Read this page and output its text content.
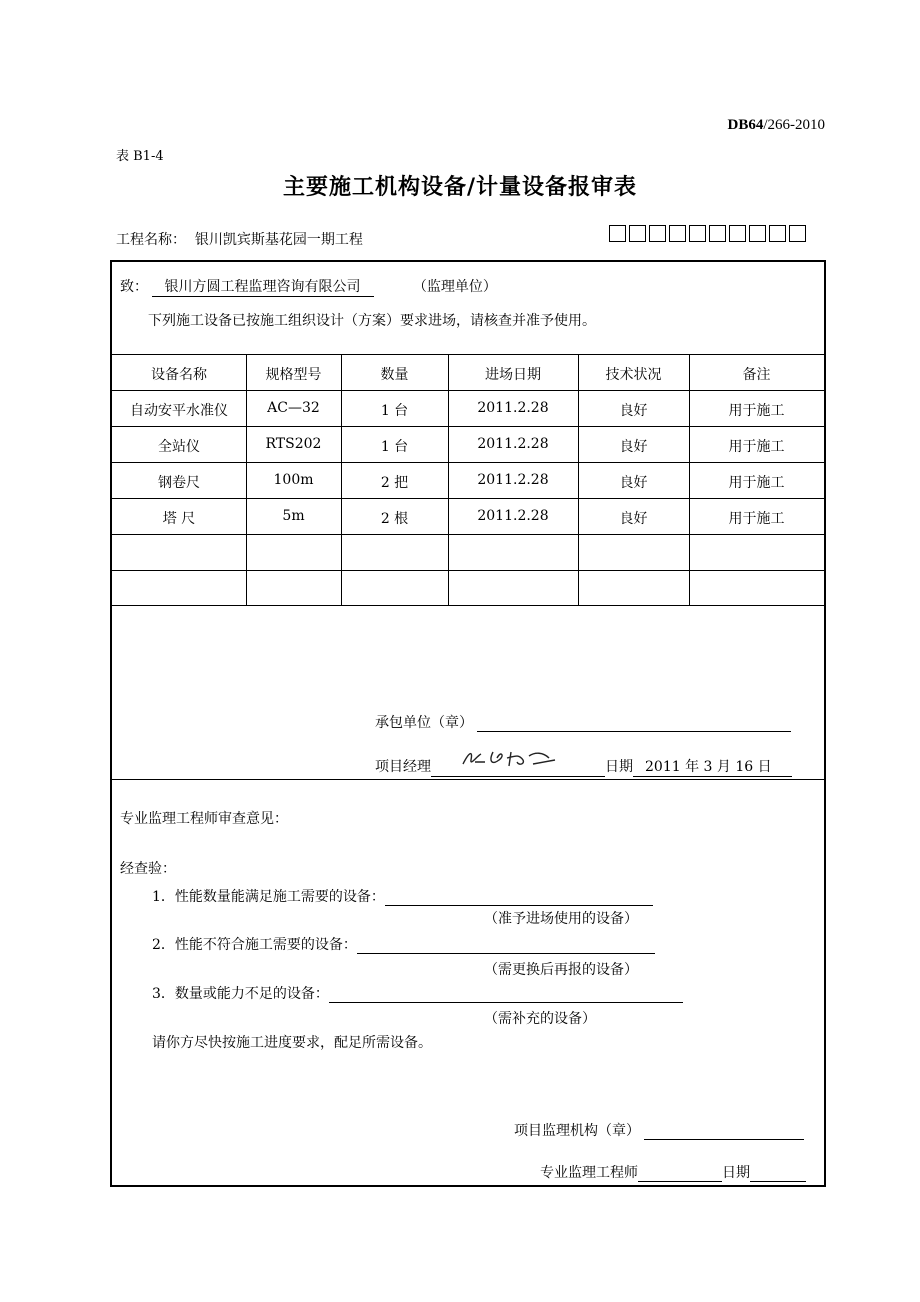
DB64/266-2010
表 B1-4
主要施工机构设备/计量设备报审表
工程名称： 银川凯宾斯基花园一期工程
致： 银川方圆工程监理咨询有限公司	（监理单位）
下列施工设备已按施工组织设计（方案）要求进场，请核查并准予使用。
设备名称	规格型号	数量	进场日期	技术状况	备注
自动安平水准仪	AC—32	1 台	2011.2.28	良好	用于施工
全站仪	RTS202	1 台	2011.2.28	良好	用于施工
钢卷尺	100m	2 把	2011.2.28	良好	用于施工
塔 尺	5m	2 根	2011.2.28	良好	用于施工
承包单位（章）
项目经理	日期 2011 年 3 月 16 日
专业监理工程师审查意见：
经查验：
1．性能数量能满足施工需要的设备：
（准予进场使用的设备）
2．性能不符合施工需要的设备：
（需更换后再报的设备）
3．数量或能力不足的设备：
（需补充的设备）
请你方尽快按施工进度要求，配足所需设备。
项目监理机构（章）
专业监理工程师	日期
